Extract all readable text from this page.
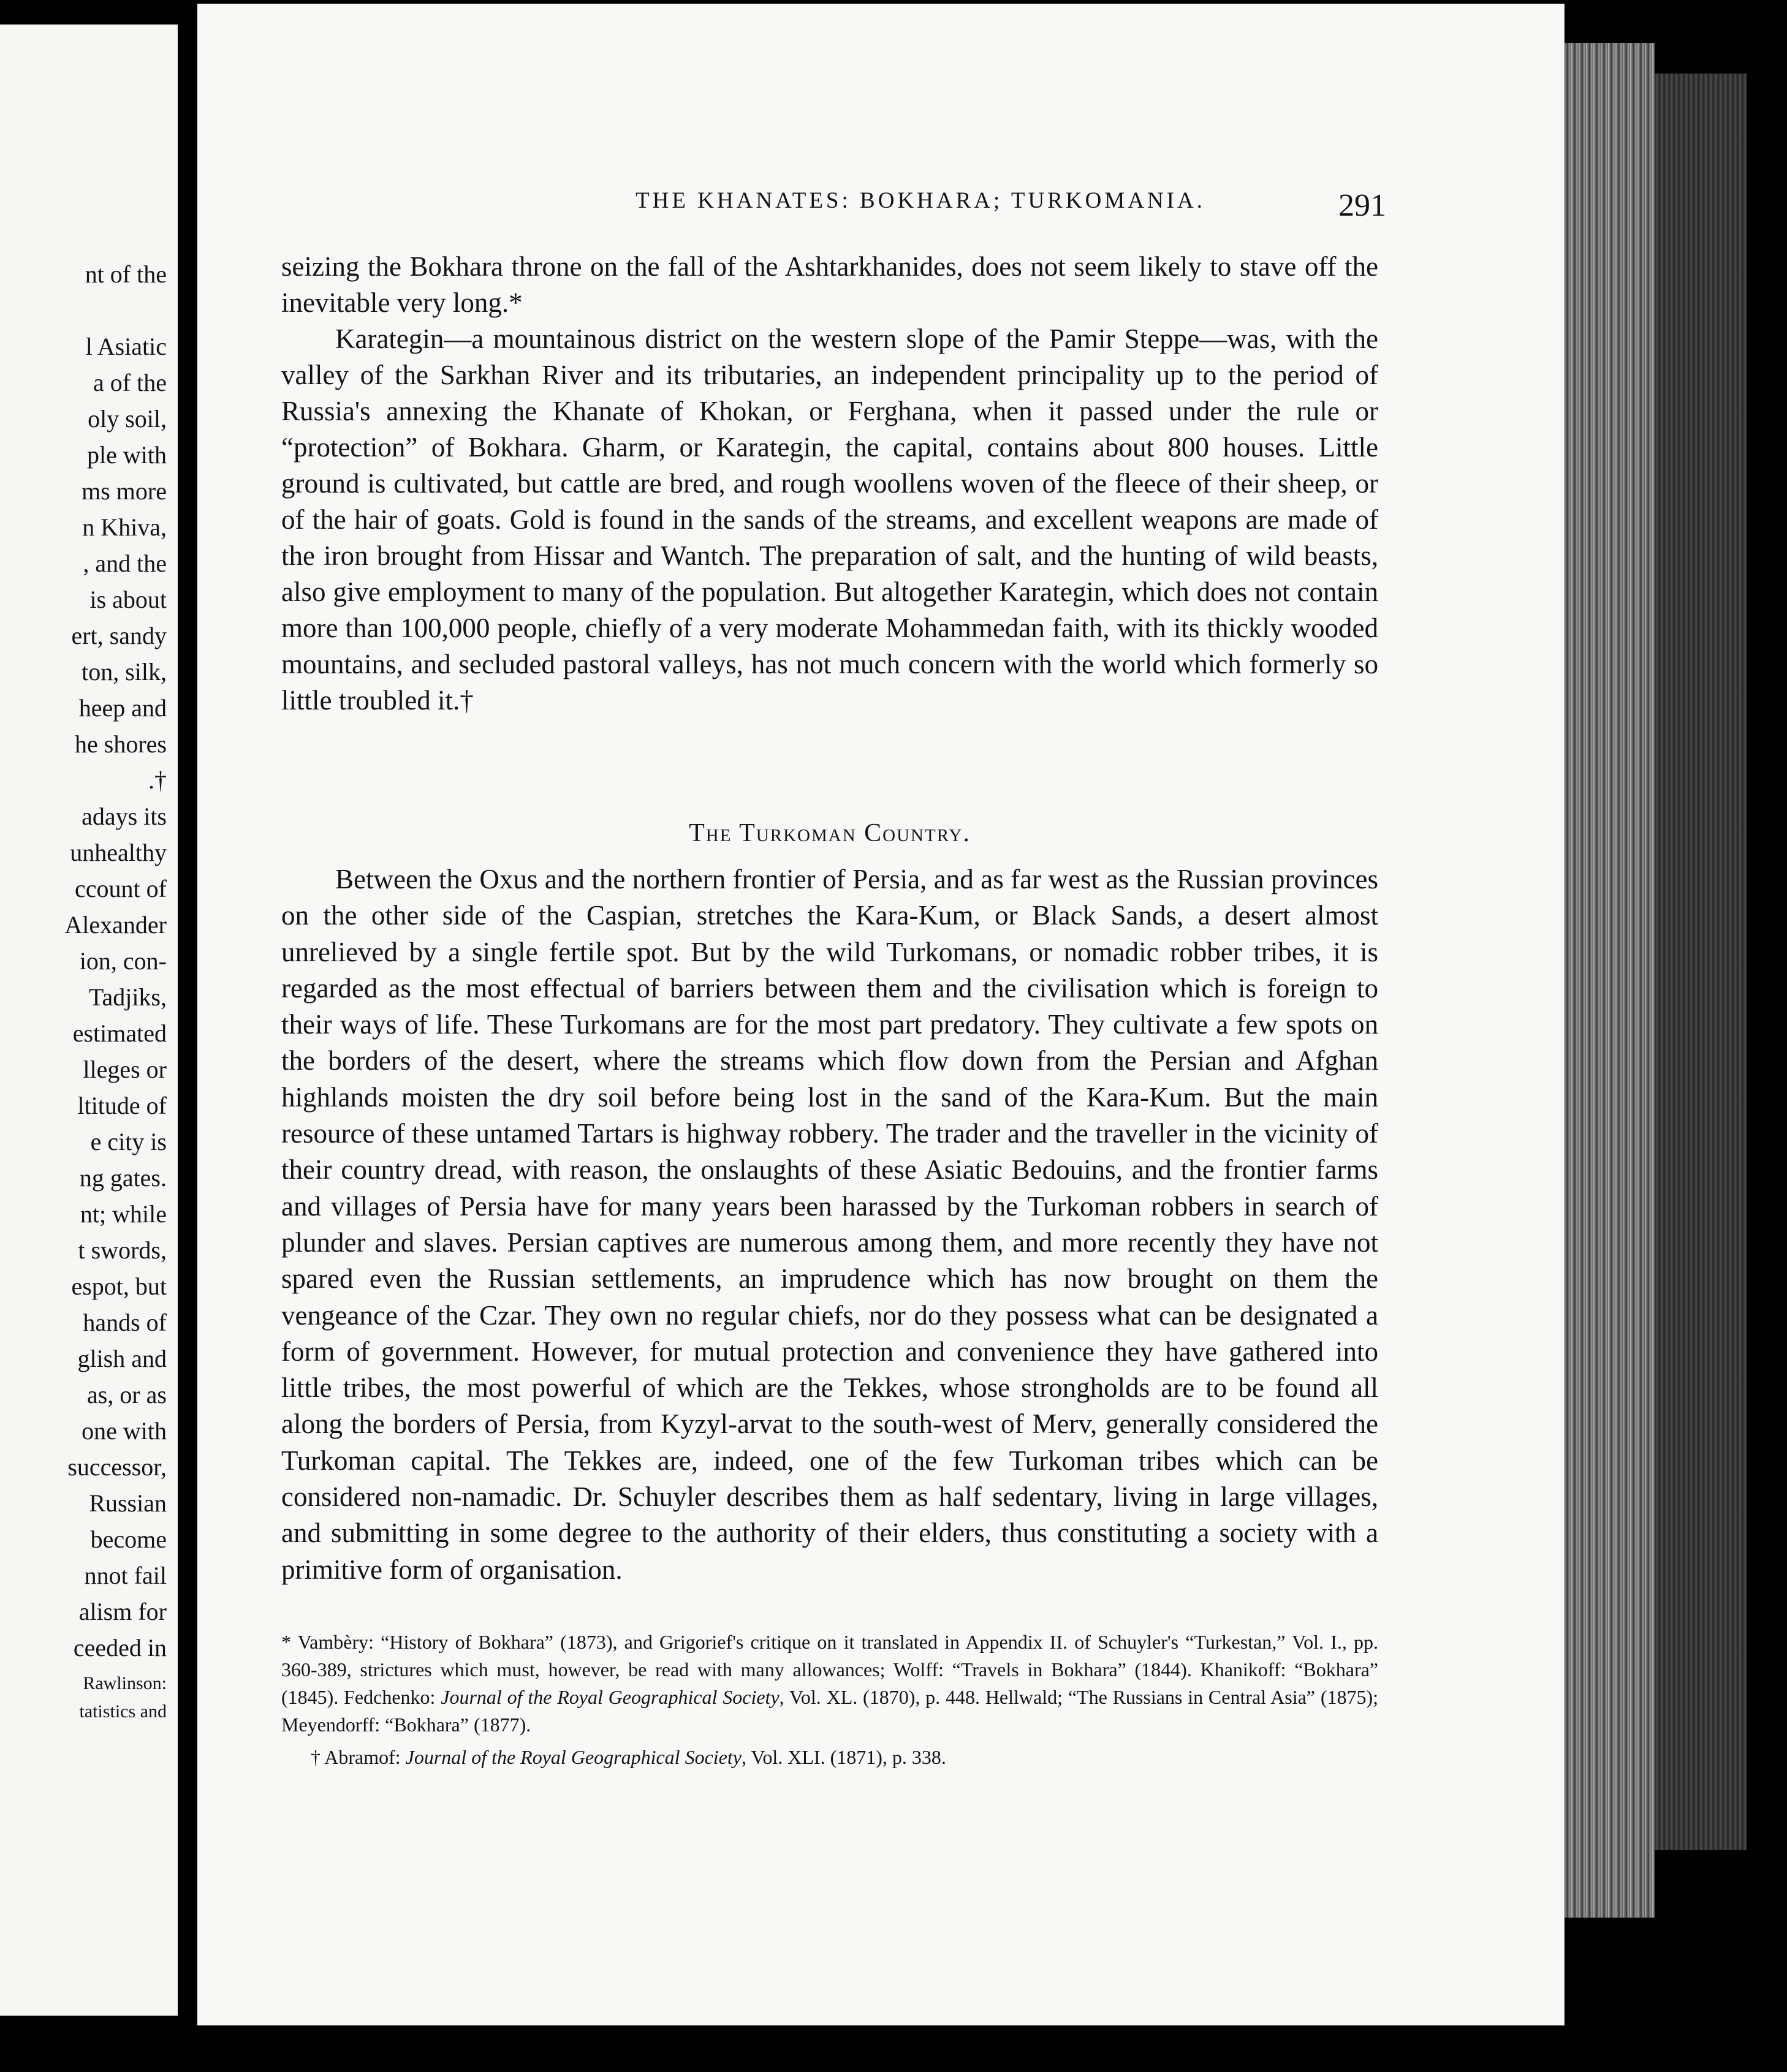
nt of the
l Asiatic
a of the
oly soil,
ple with
ms more
n Khiva,
, and the
is about
ert, sandy
ton, silk,
heep and
he shores
.†
adays its
unhealthy
ccount of
Alexander
ion, con-
Tadjiks,
estimated
lleges or
ltitude of
e city is
ng gates.
nt; while
t swords,
espot, but
hands of
glish and
as, or as
one with
successor,
Russian
become
nnot fail
alism for
ceeded in
Rawlinson:
tatistics and
THE KHANATES: BOKHARA; TURKOMANIA.	291

seizing the Bokhara throne on the fall of the Ashtarkhanides, does not seem likely to stave off the inevitable very long.*

Karategin—a mountainous district on the western slope of the Pamir Steppe—was, with the valley of the Sarkhan River and its tributaries, an independent principality up to the period of Russia's annexing the Khanate of Khokan, or Ferghana, when it passed under the rule or “protection” of Bokhara. Gharm, or Karategin, the capital, contains about 800 houses. Little ground is cultivated, but cattle are bred, and rough woollens woven of the fleece of their sheep, or of the hair of goats. Gold is found in the sands of the streams, and excellent weapons are made of the iron brought from Hissar and Wantch. The preparation of salt, and the hunting of wild beasts, also give employment to many of the population. But altogether Karategin, which does not contain more than 100,000 people, chiefly of a very moderate Mohammedan faith, with its thickly wooded mountains, and secluded pastoral valleys, has not much concern with the world which formerly so little troubled it.†

The Turkoman Country.

Between the Oxus and the northern frontier of Persia, and as far west as the Russian provinces on the other side of the Caspian, stretches the Kara-Kum, or Black Sands, a desert almost unrelieved by a single fertile spot. But by the wild Turkomans, or nomadic robber tribes, it is regarded as the most effectual of barriers between them and the civilisation which is foreign to their ways of life. These Turkomans are for the most part predatory. They cultivate a few spots on the borders of the desert, where the streams which flow down from the Persian and Afghan highlands moisten the dry soil before being lost in the sand of the Kara-Kum. But the main resource of these untamed Tartars is highway robbery. The trader and the traveller in the vicinity of their country dread, with reason, the onslaughts of these Asiatic Bedouins, and the frontier farms and villages of Persia have for many years been harassed by the Turkoman robbers in search of plunder and slaves. Persian captives are numerous among them, and more recently they have not spared even the Russian settlements, an imprudence which has now brought on them the vengeance of the Czar. They own no regular chiefs, nor do they possess what can be designated a form of government. However, for mutual protection and convenience they have gathered into little tribes, the most powerful of which are the Tekkes, whose strongholds are to be found all along the borders of Persia, from Kyzyl-arvat to the south-west of Merv, generally considered the Turkoman capital. The Tekkes are, indeed, one of the few Turkoman tribes which can be considered non-namadic. Dr. Schuyler describes them as half sedentary, living in large villages, and submitting in some degree to the authority of their elders, thus constituting a society with a primitive form of organisation.

* Vambèry: “History of Bokhara” (1873), and Grigorief's critique on it translated in Appendix II. of Schuyler's “Turkestan,” Vol. I., pp. 360-389, strictures which must, however, be read with many allowances; Wolff: “Travels in Bokhara” (1844). Khanikoff: “Bokhara” (1845). Fedchenko: Journal of the Royal Geographical Society, Vol. XL. (1870), p. 448. Hellwald; “The Russians in Central Asia” (1875); Meyendorff: “Bokhara” (1877).

† Abramof: Journal of the Royal Geographical Society, Vol. XLI. (1871), p. 338.
